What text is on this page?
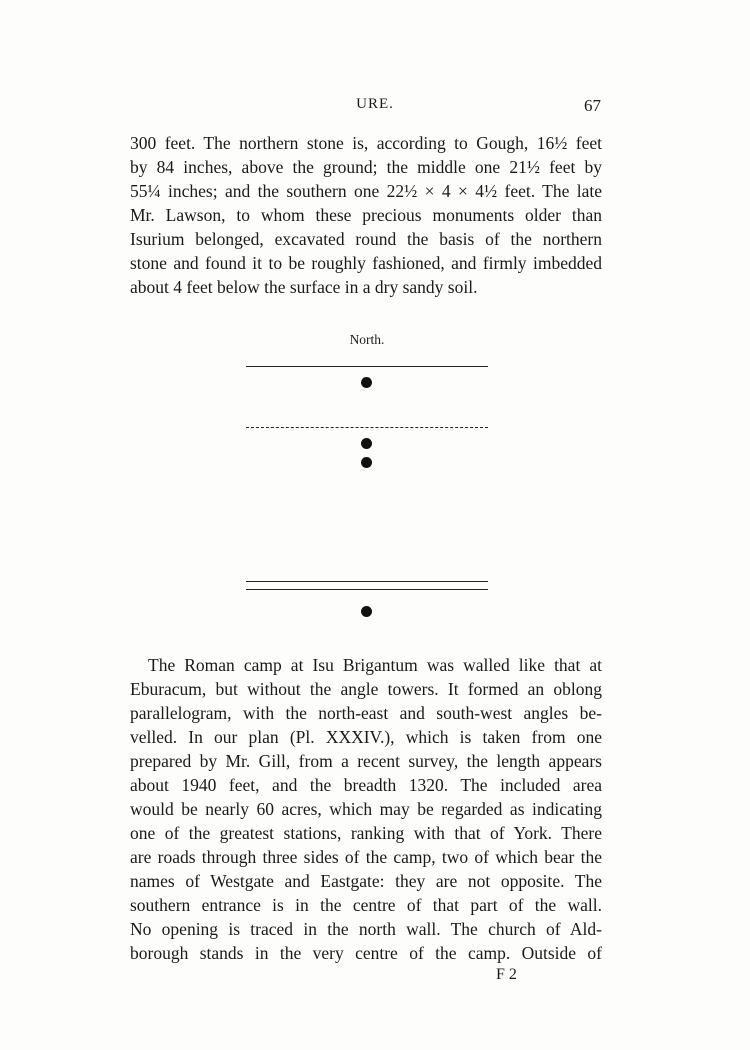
URE.	67
300 feet. The northern stone is, according to Gough, 16½ feet
by 84 inches, above the ground; the middle one 21½ feet by
55¼ inches; and the southern one 22½ × 4 × 4½ feet. The late
Mr. Lawson, to whom these precious monuments older than
Isurium belonged, excavated round the basis of the northern
stone and found it to be roughly fashioned, and firmly imbedded
about 4 feet below the surface in a dry sandy soil.
North.
The Roman camp at Isu Brigantum was walled like that at
Eburacum, but without the angle towers. It formed an oblong
parallelogram, with the north-east and south-west angles be-
velled. In our plan (Pl. XXXIV.), which is taken from one
prepared by Mr. Gill, from a recent survey, the length appears
about 1940 feet, and the breadth 1320. The included area
would be nearly 60 acres, which may be regarded as indicating
one of the greatest stations, ranking with that of York. There
are roads through three sides of the camp, two of which bear the
names of Westgate and Eastgate: they are not opposite. The
southern entrance is in the centre of that part of the wall.
No opening is traced in the north wall. The church of Ald-
borough stands in the very centre of the camp. Outside of
F 2
